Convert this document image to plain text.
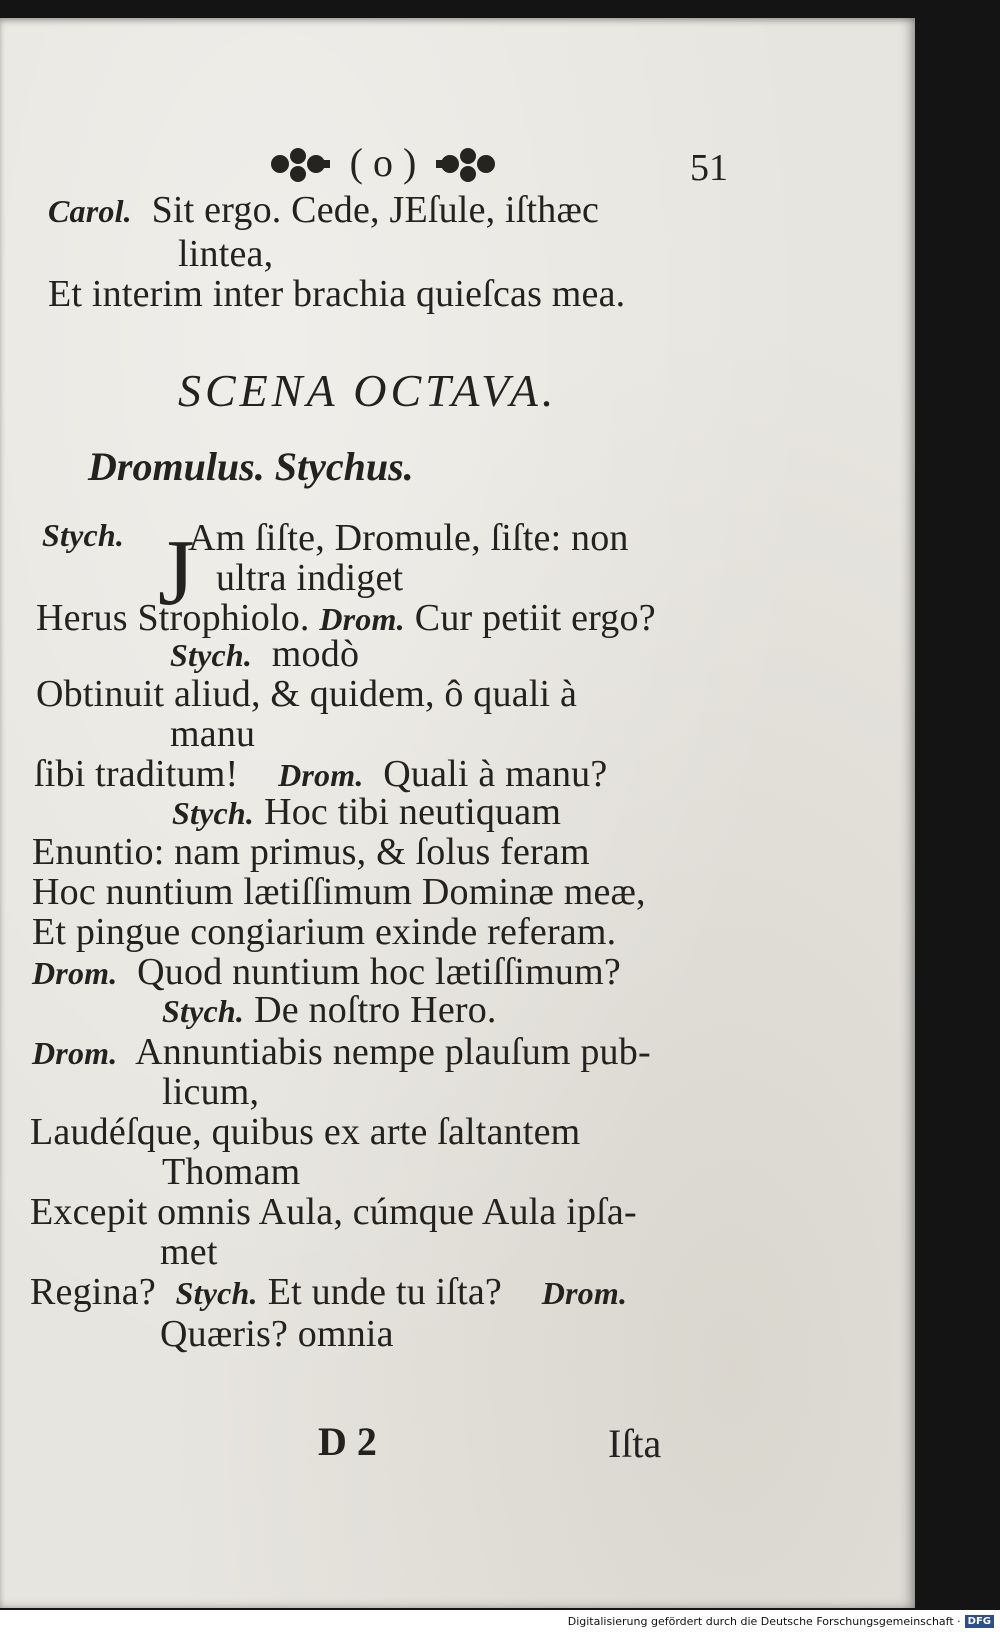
( o )	51
Carol. Sit ergo. Cede, JEſule, iſthæc
lintea,
Et interim inter brachia quieſcas mea.
SCENA OCTAVA.
Dromulus. Stychus.
Stych. J
Am ſiſte, Dromule, ſiſte: non
ultra indiget
Herus Strophiolo. Drom. Cur petiit ergo?
Stych. modò
Obtinuit aliud, & quidem, ô quali à
manu
ſibi traditum! Drom. Quali à manu?
Stych. Hoc tibi neutiquam
Enuntio: nam primus, & ſolus feram
Hoc nuntium lætiſſimum Dominæ meæ,
Et pingue congiarium exinde referam.
Drom. Quod nuntium hoc lætiſſimum?
Stych. De noſtro Hero.
Drom. Annuntiabis nempe plauſum pub-
licum,
Laudéſque, quibus ex arte ſaltantem
Thomam
Excepit omnis Aula, cúmque Aula ipſa-
met
Regina? Stych. Et unde tu iſta? Drom.
Quæris? omnia
D 2	Iſta
Digitalisierung gefördert durch die Deutsche Forschungsgemeinschaft · DFG
